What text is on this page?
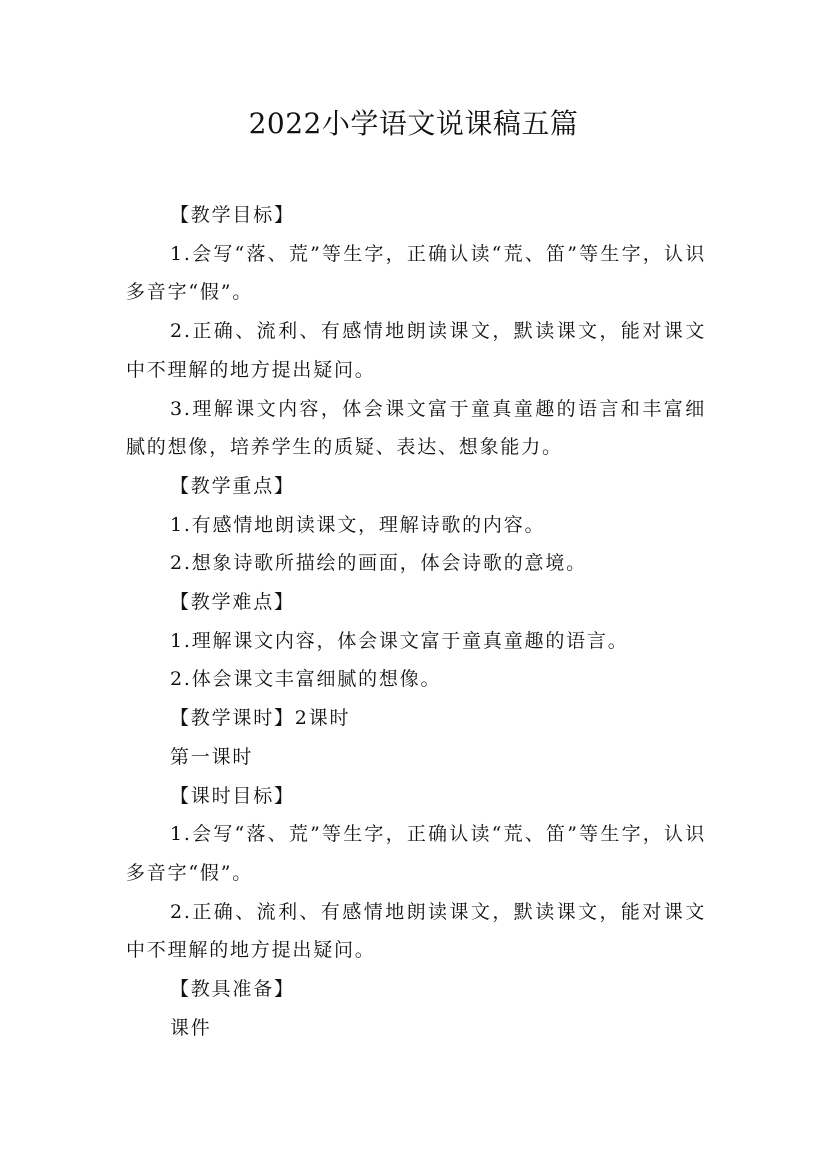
2022小学语文说课稿五篇

【教学目标】

1.会写“落、荒”等生字，正确认读“荒、笛”等生字，认识多音字“假”。

2.正确、流利、有感情地朗读课文，默读课文，能对课文中不理解的地方提出疑问。

3.理解课文内容，体会课文富于童真童趣的语言和丰富细腻的想像，培养学生的质疑、表达、想象能力。

【教学重点】

1.有感情地朗读课文，理解诗歌的内容。

2.想象诗歌所描绘的画面，体会诗歌的意境。

【教学难点】

1.理解课文内容，体会课文富于童真童趣的语言。

2.体会课文丰富细腻的想像。

【教学课时】2课时

第一课时

【课时目标】

1.会写“落、荒”等生字，正确认读“荒、笛”等生字，认识多音字“假”。

2.正确、流利、有感情地朗读课文，默读课文，能对课文中不理解的地方提出疑问。

【教具准备】

课件
